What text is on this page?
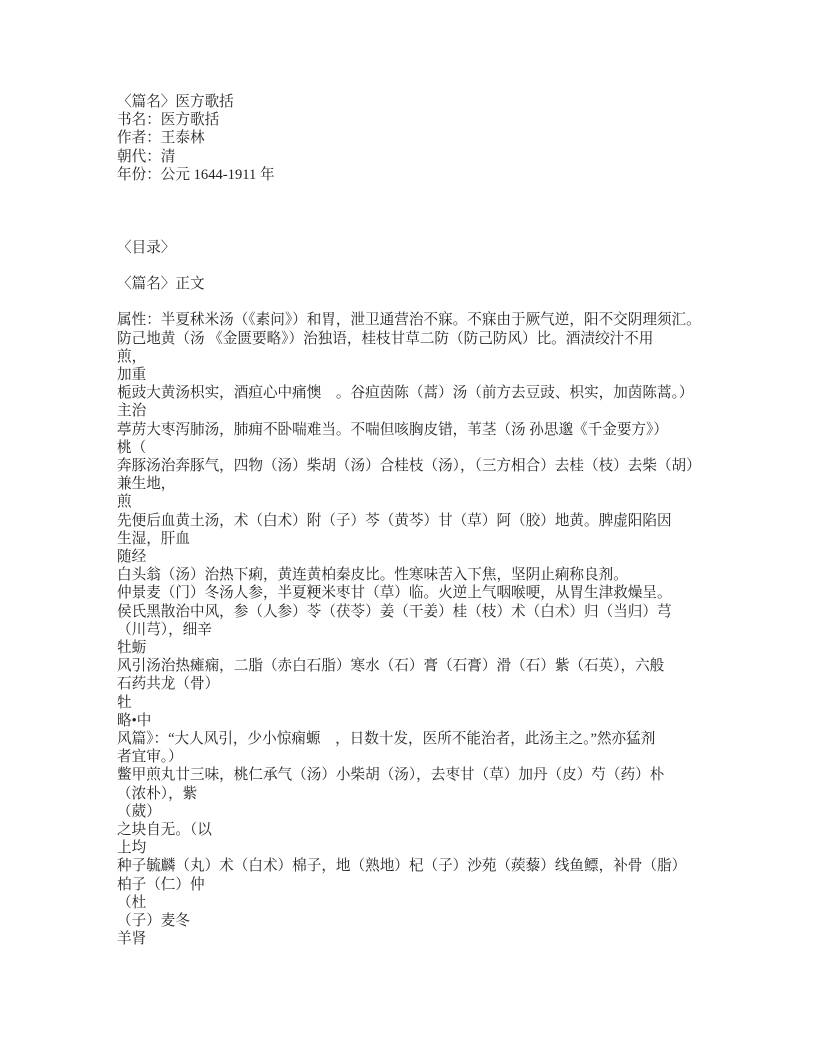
〈篇名〉医方歌括
书名：医方歌括
作者：王泰林
朝代：清
年份：公元 1644-1911 年
〈目录〉
〈篇名〉正文
属性：半夏秫米汤（《素问》）和胃，泄卫通营治不寐。不寐由于厥气逆，阳不交阴理须汇。
防己地黄（汤 《金匮要略》）治独语，桂枝甘草二防（防己防风）比。酒渍绞汁不用
煎，
加重
栀豉大黄汤枳实，酒疸心中痛懊　。谷疸茵陈（蒿）汤（前方去豆豉、枳实，加茵陈蒿。）
主治
葶苈大枣泻肺汤，肺痈不卧喘难当。不喘但咳胸皮错，苇茎（汤 孙思邈《千金要方》）
桃（
奔豚汤治奔豚气，四物（汤）柴胡（汤）合桂枝（汤），（三方相合）去桂（枝）去柴（胡）
兼生地，
煎
先便后血黄土汤，术（白术）附（子）芩（黄芩）甘（草）阿（胶）地黄。脾虚阳陷因
生湿，肝血
随经
白头翁（汤）治热下痢，黄连黄柏秦皮比。性寒味苦入下焦，坚阴止痢称良剂。
仲景麦（门）冬汤人参，半夏粳米枣甘（草）临。火逆上气咽喉哽，从胃生津救燥呈。
侯氏黑散治中风，参（人参）苓（茯苓）姜（干姜）桂（枝）术（白术）归（当归）芎
（川芎），细辛
牡蛎
风引汤治热瘫痫，二脂（赤白石脂）寒水（石）膏（石膏）滑（石）紫（石英），六般
石药共龙（骨）
牡
略•中
风篇》：“大人风引，少小惊痫螈　，日数十发，医所不能治者，此汤主之。”然亦猛剂
者宜审。）
鳖甲煎丸廿三味，桃仁承气（汤）小柴胡（汤），去枣甘（草）加丹（皮）芍（药）朴
（浓朴），紫
（葳）
之块自无。（以
上均
种子毓麟（丸）术（白术）棉子，地（熟地）杞（子）沙苑（蒺藜）线鱼鳔，补骨（脂）
柏子（仁）仲
（杜
（子）麦冬
羊肾
